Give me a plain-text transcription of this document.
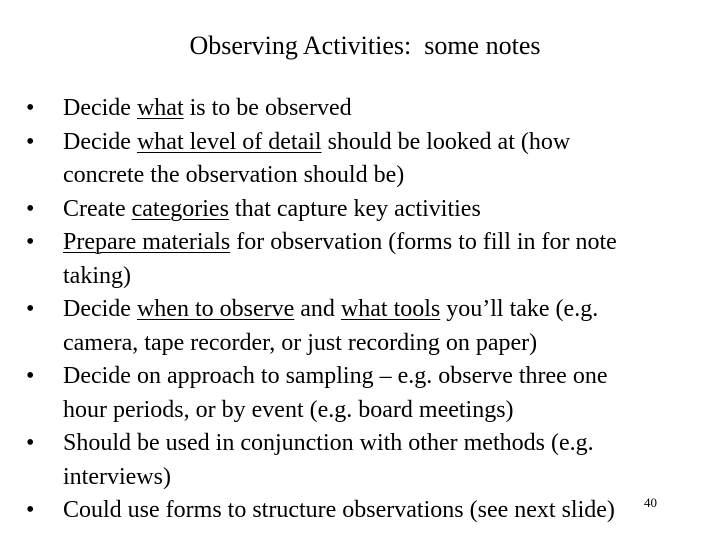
Observing Activities:  some notes
•	Decide what is to be observed
•	Decide what level of detail should be looked at (how
concrete the observation should be)
•	Create categories that capture key activities
•	Prepare materials for observation (forms to fill in for note
taking)
•	Decide when to observe and what tools you’ll take (e.g.
camera, tape recorder, or just recording on paper)
•	Decide on approach to sampling – e.g. observe three one
hour periods, or by event (e.g. board meetings)
•	Should be used in conjunction with other methods (e.g.
interviews)
•	Could use forms to structure observations (see next slide)	40
